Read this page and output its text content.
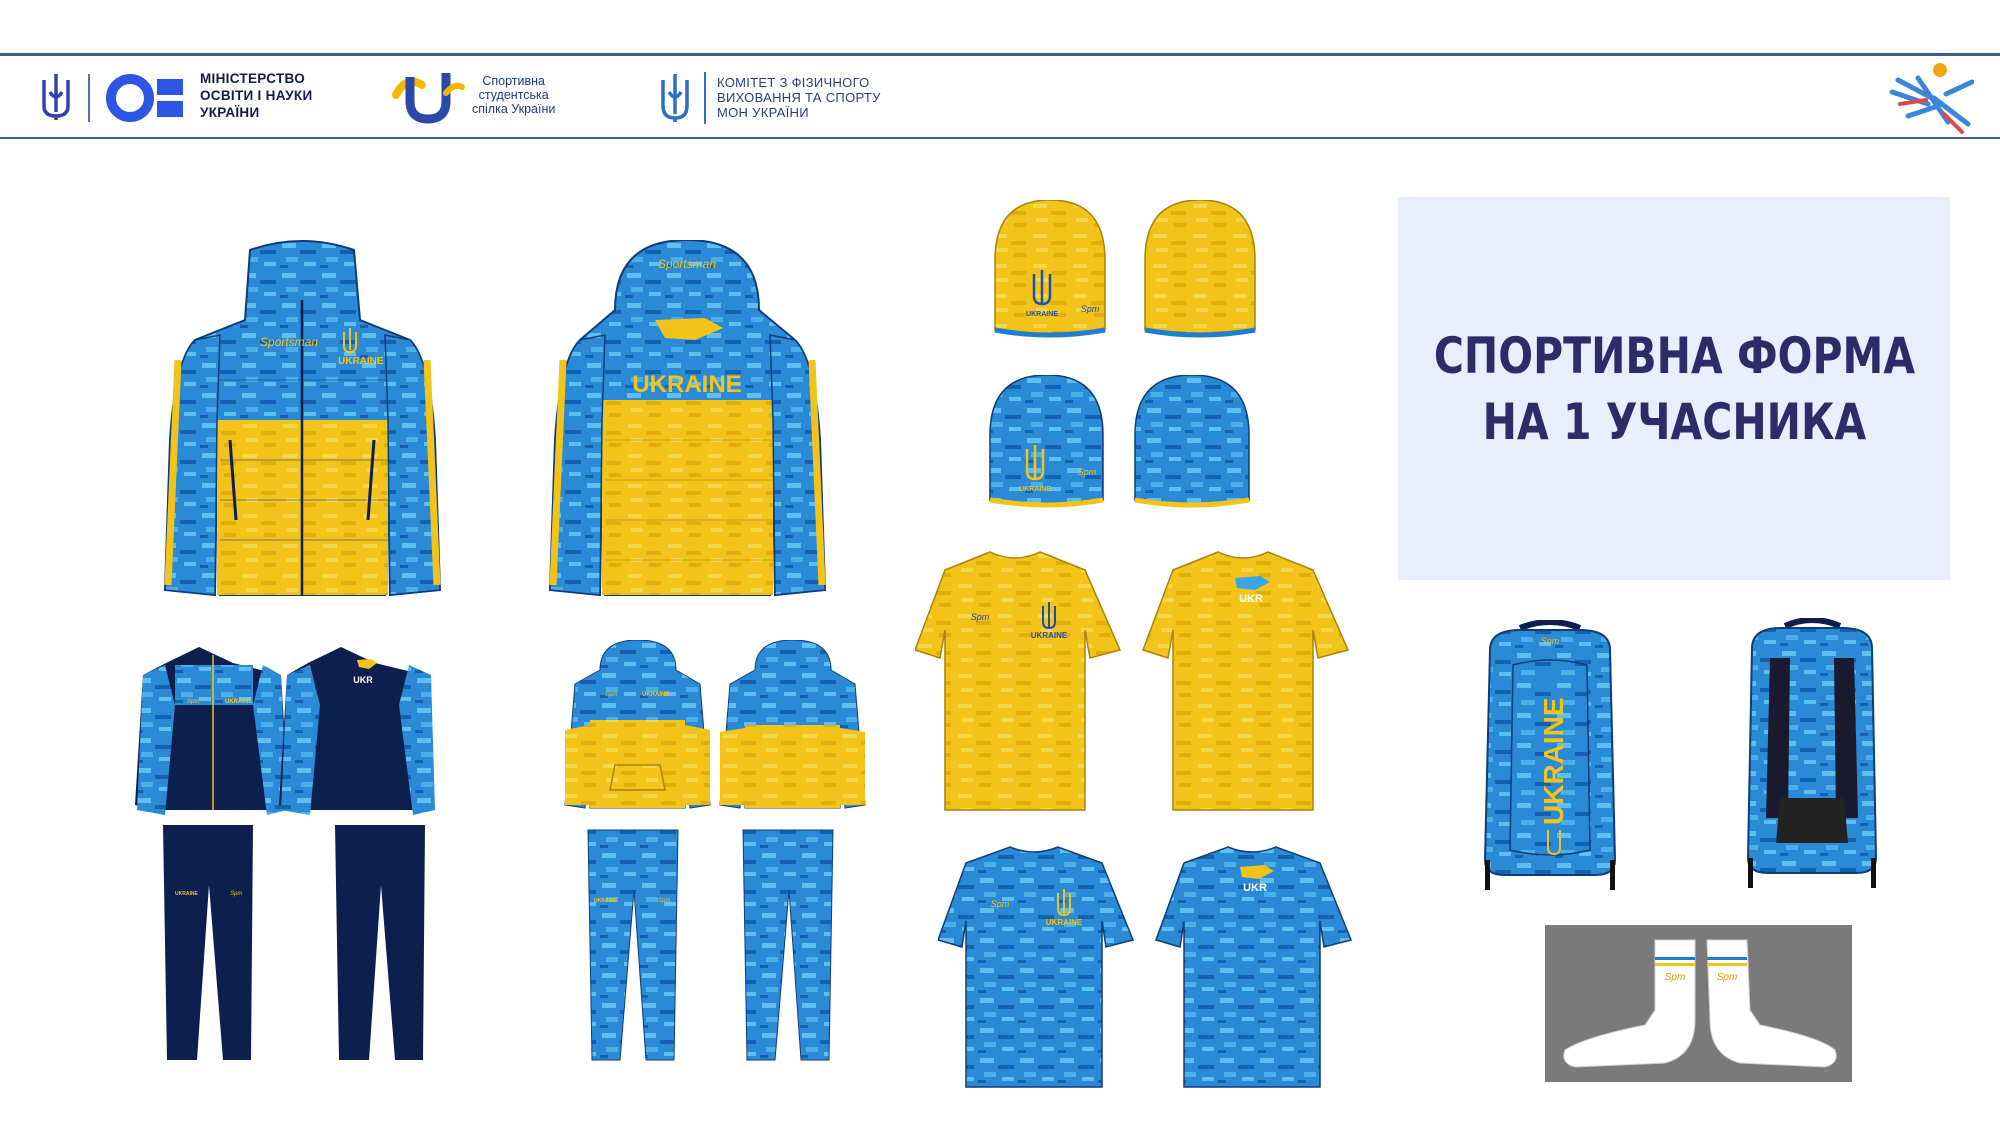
МІНІСТЕРСТВО
ОСВІТИ І НАУКИ
УКРАЇНИ
Спортивна
студентська
спілка України
КОМІТЕТ З ФІЗИЧНОГО
ВИХОВАННЯ ТА СПОРТУ
МОН УКРАЇНИ
СПОРТИВНА ФОРМА
НА 1 УЧАСНИКА
Sportsman
UKRAINE
UKRAINE
Sportsman
UKRAINE
Spm
UKRAINE
Spm
UKRAINE
Spm
UKR
UKRAINE
Spm
UKR
Spm	UKRAINE
UKR
UKRAINE	Spm
Spm	UKRAINE
UKRAINE	Spm
UKRAINE
Spm
Spm	Spm
